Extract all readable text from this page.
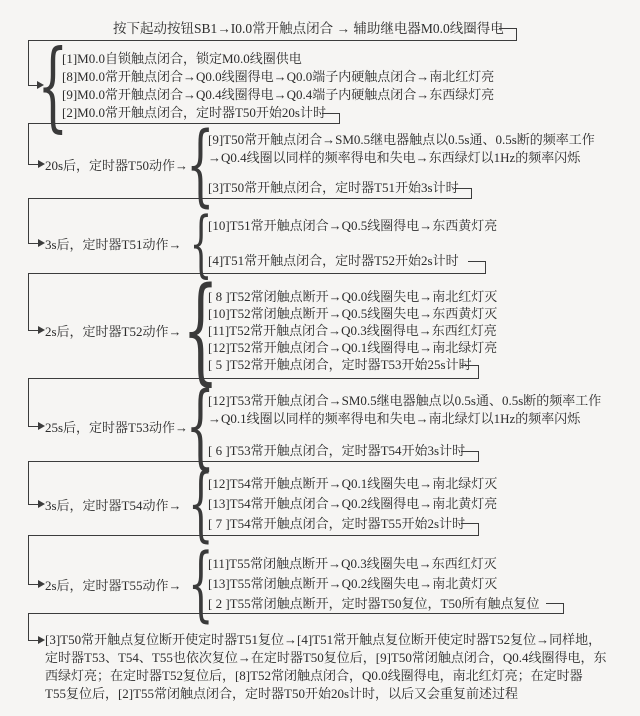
按下起动按钮SB1→I0.0常开触点闭合 → 辅助继电器M0.0线圈得电
{
[1]M0.0自锁触点闭合，锁定M0.0线圈供电
[8]M0.0常开触点闭合→Q0.0线圈得电→Q0.0端子内硬触点闭合→南北红灯亮
[9]M0.0常开触点闭合→Q0.4线圈得电→Q0.4端子内硬触点闭合→东西绿灯亮
[2]M0.0常开触点闭合，定时器T50开始20s计时
20s后，定时器T50动作→
{
[9]T50常开触点闭合→SM0.5继电器触点以0.5s通、0.5s断的频率工作
→Q0.4线圈以同样的频率得电和失电→东西绿灯以1Hz的频率闪烁
[3]T50常开触点闭合，定时器T51开始3s计时
3s后，定时器T51动作→ {
[10]T51常开触点闭合→Q0.5线圈得电→东西黄灯亮
[4]T51常开触点闭合，定时器T52开始2s计时
2s后，定时器T52动作→ {
[ 8 ]T52常闭触点断开→Q0.0线圈失电→南北红灯灭
[10]T52常闭触点断开→Q0.5线圈失电→东西黄灯灭
[11]T52常开触点闭合→Q0.3线圈得电→东西红灯亮
[12]T52常开触点闭合→Q0.1线圈得电→南北绿灯亮
[ 5 ]T52常开触点闭合，定时器T53开始25s计时
25s后，定时器T53动作→
{
[12]T53常开触点闭合→SM0.5继电器触点以0.5s通、0.5s断的频率工作
→Q0.1线圈以同样的频率得电和失电→南北绿灯以1Hz的频率闪烁
[ 6 ]T53常开触点闭合，定时器T54开始3s计时
3s后，定时器T54动作→ {
[12]T54常开触点断开→Q0.1线圈失电→南北绿灯灭
[13]T54常开触点闭合→Q0.2线圈得电→南北黄灯亮
[ 7 ]T54常开触点闭合，定时器T55开始2s计时
2s后，定时器T55动作→ {
[11]T55常闭触点断开→Q0.3线圈失电→东西红灯灭
[13]T55常闭触点断开→Q0.2线圈失电→南北黄灯灭
[ 2 ]T55常闭触点断开，定时器T50复位，T50所有触点复位
[3]T50常开触点复位断开使定时器T51复位→[4]T51常开触点复位断开使定时器T52复位→同样地，
定时器T53、T54、T55也依次复位→在定时器T50复位后，[9]T50常闭触点闭合，Q0.4线圈得电，东
西绿灯亮；在定时器T52复位后，[8]T52常闭触点闭合，Q0.0线圈得电，南北红灯亮；在定时器
T55复位后，[2]T55常闭触点闭合，定时器T50开始20s计时，以后又会重复前述过程
